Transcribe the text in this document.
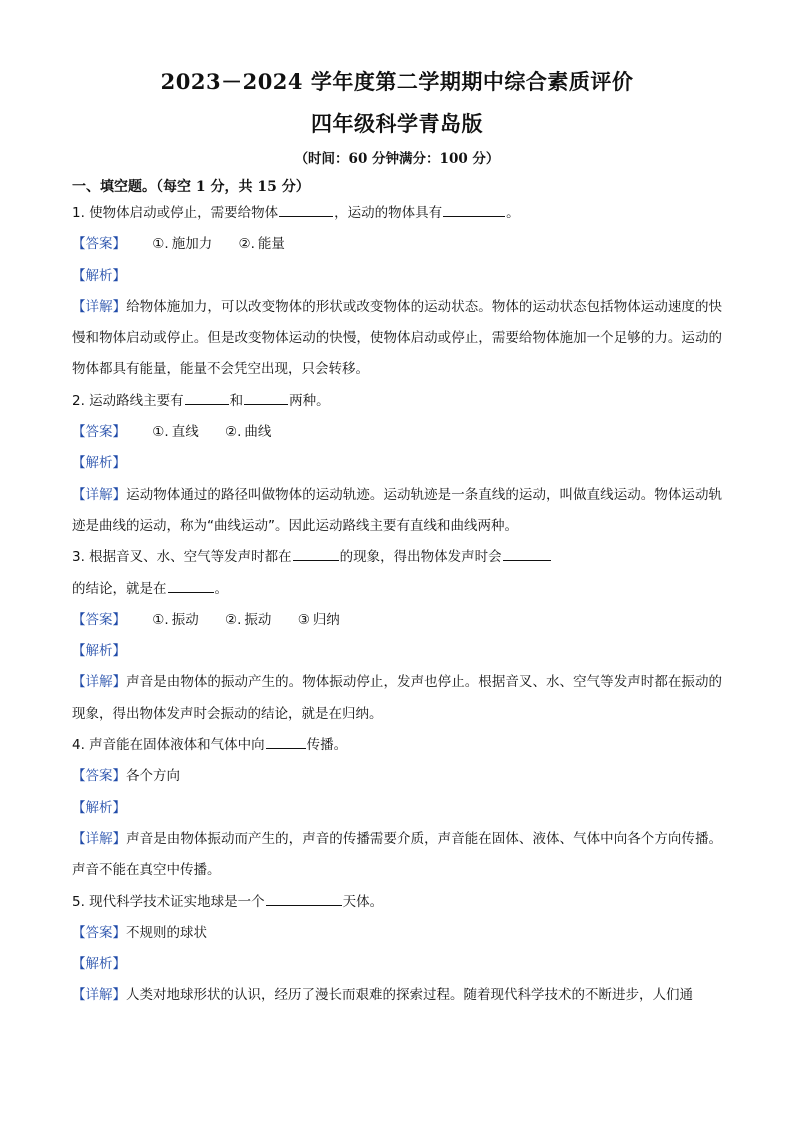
2023－2024 学年度第二学期期中综合素质评价
四年级科学青岛版
（时间：60 分钟满分：100 分）
一、填空题。（每空 1 分，共 15 分）
1. 使物体启动或停止，需要给物体	，运动的物体具有	。
【答案】 ①. 施加力 ②. 能量
【解析】
【详解】给物体施加力，可以改变物体的形状或改变物体的运动状态。物体的运动状态包括物体运动速度的快慢和物体启动或停止。但是改变物体运动的快慢，使物体启动或停止，需要给物体施加一个足够的力。运动的物体都具有能量，能量不会凭空出现，只会转移。
2. 运动路线主要有	和	两种。
【答案】 ①. 直线 ②. 曲线
【解析】
【详解】运动物体通过的路径叫做物体的运动轨迹。运动轨迹是一条直线的运动，叫做直线运动。物体运动轨迹是曲线的运动，称为“曲线运动”。因此运动路线主要有直线和曲线两种。
3. 根据音叉、水、空气等发声时都在	的现象，得出物体发声时会
的结论，就是在	。
【答案】 ①. 振动 ②. 振动 ③ 归纳
【解析】
【详解】声音是由物体的振动产生的。物体振动停止，发声也停止。根据音叉、水、空气等发声时都在振动的现象，得出物体发声时会振动的结论，就是在归纳。
4. 声音能在固体液体和气体中向	传播。
【答案】各个方向
【解析】
【详解】声音是由物体振动而产生的，声音的传播需要介质，声音能在固体、液体、气体中向各个方向传播。声音不能在真空中传播。
5. 现代科学技术证实地球是一个	天体。
【答案】不规则的球状
【解析】
【详解】人类对地球形状的认识，经历了漫长而艰难的探索过程。随着现代科学技术的不断进步，人们通
